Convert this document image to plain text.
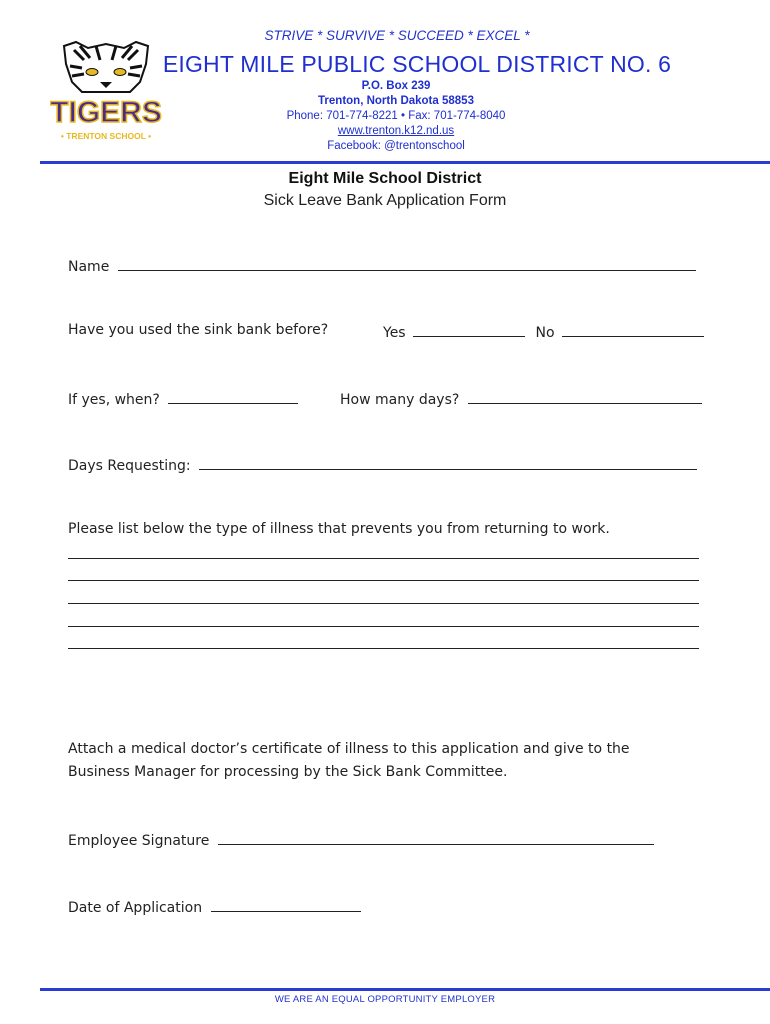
TIGERS
• TRENTON SCHOOL •
STRIVE * SURVIVE * SUCCEED * EXCEL *
EIGHT MILE PUBLIC SCHOOL DISTRICT NO. 6
P.O. Box 239
Trenton, North Dakota 58853
Phone: 701-774-8221 • Fax: 701-774-8040
www.trenton.k12.nd.us
Facebook: @trentonschool
Eight Mile School District
Sick Leave Bank Application Form
Name
Have you used the sink bank before?	Yes	No
If yes, when?	How many days?
Days Requesting:
Please list below the type of illness that prevents you from returning to work.
Attach a medical doctor’s certificate of illness to this application and give to the
Business Manager for processing by the Sick Bank Committee.
Employee Signature
Date of Application
WE ARE AN EQUAL OPPORTUNITY EMPLOYER
